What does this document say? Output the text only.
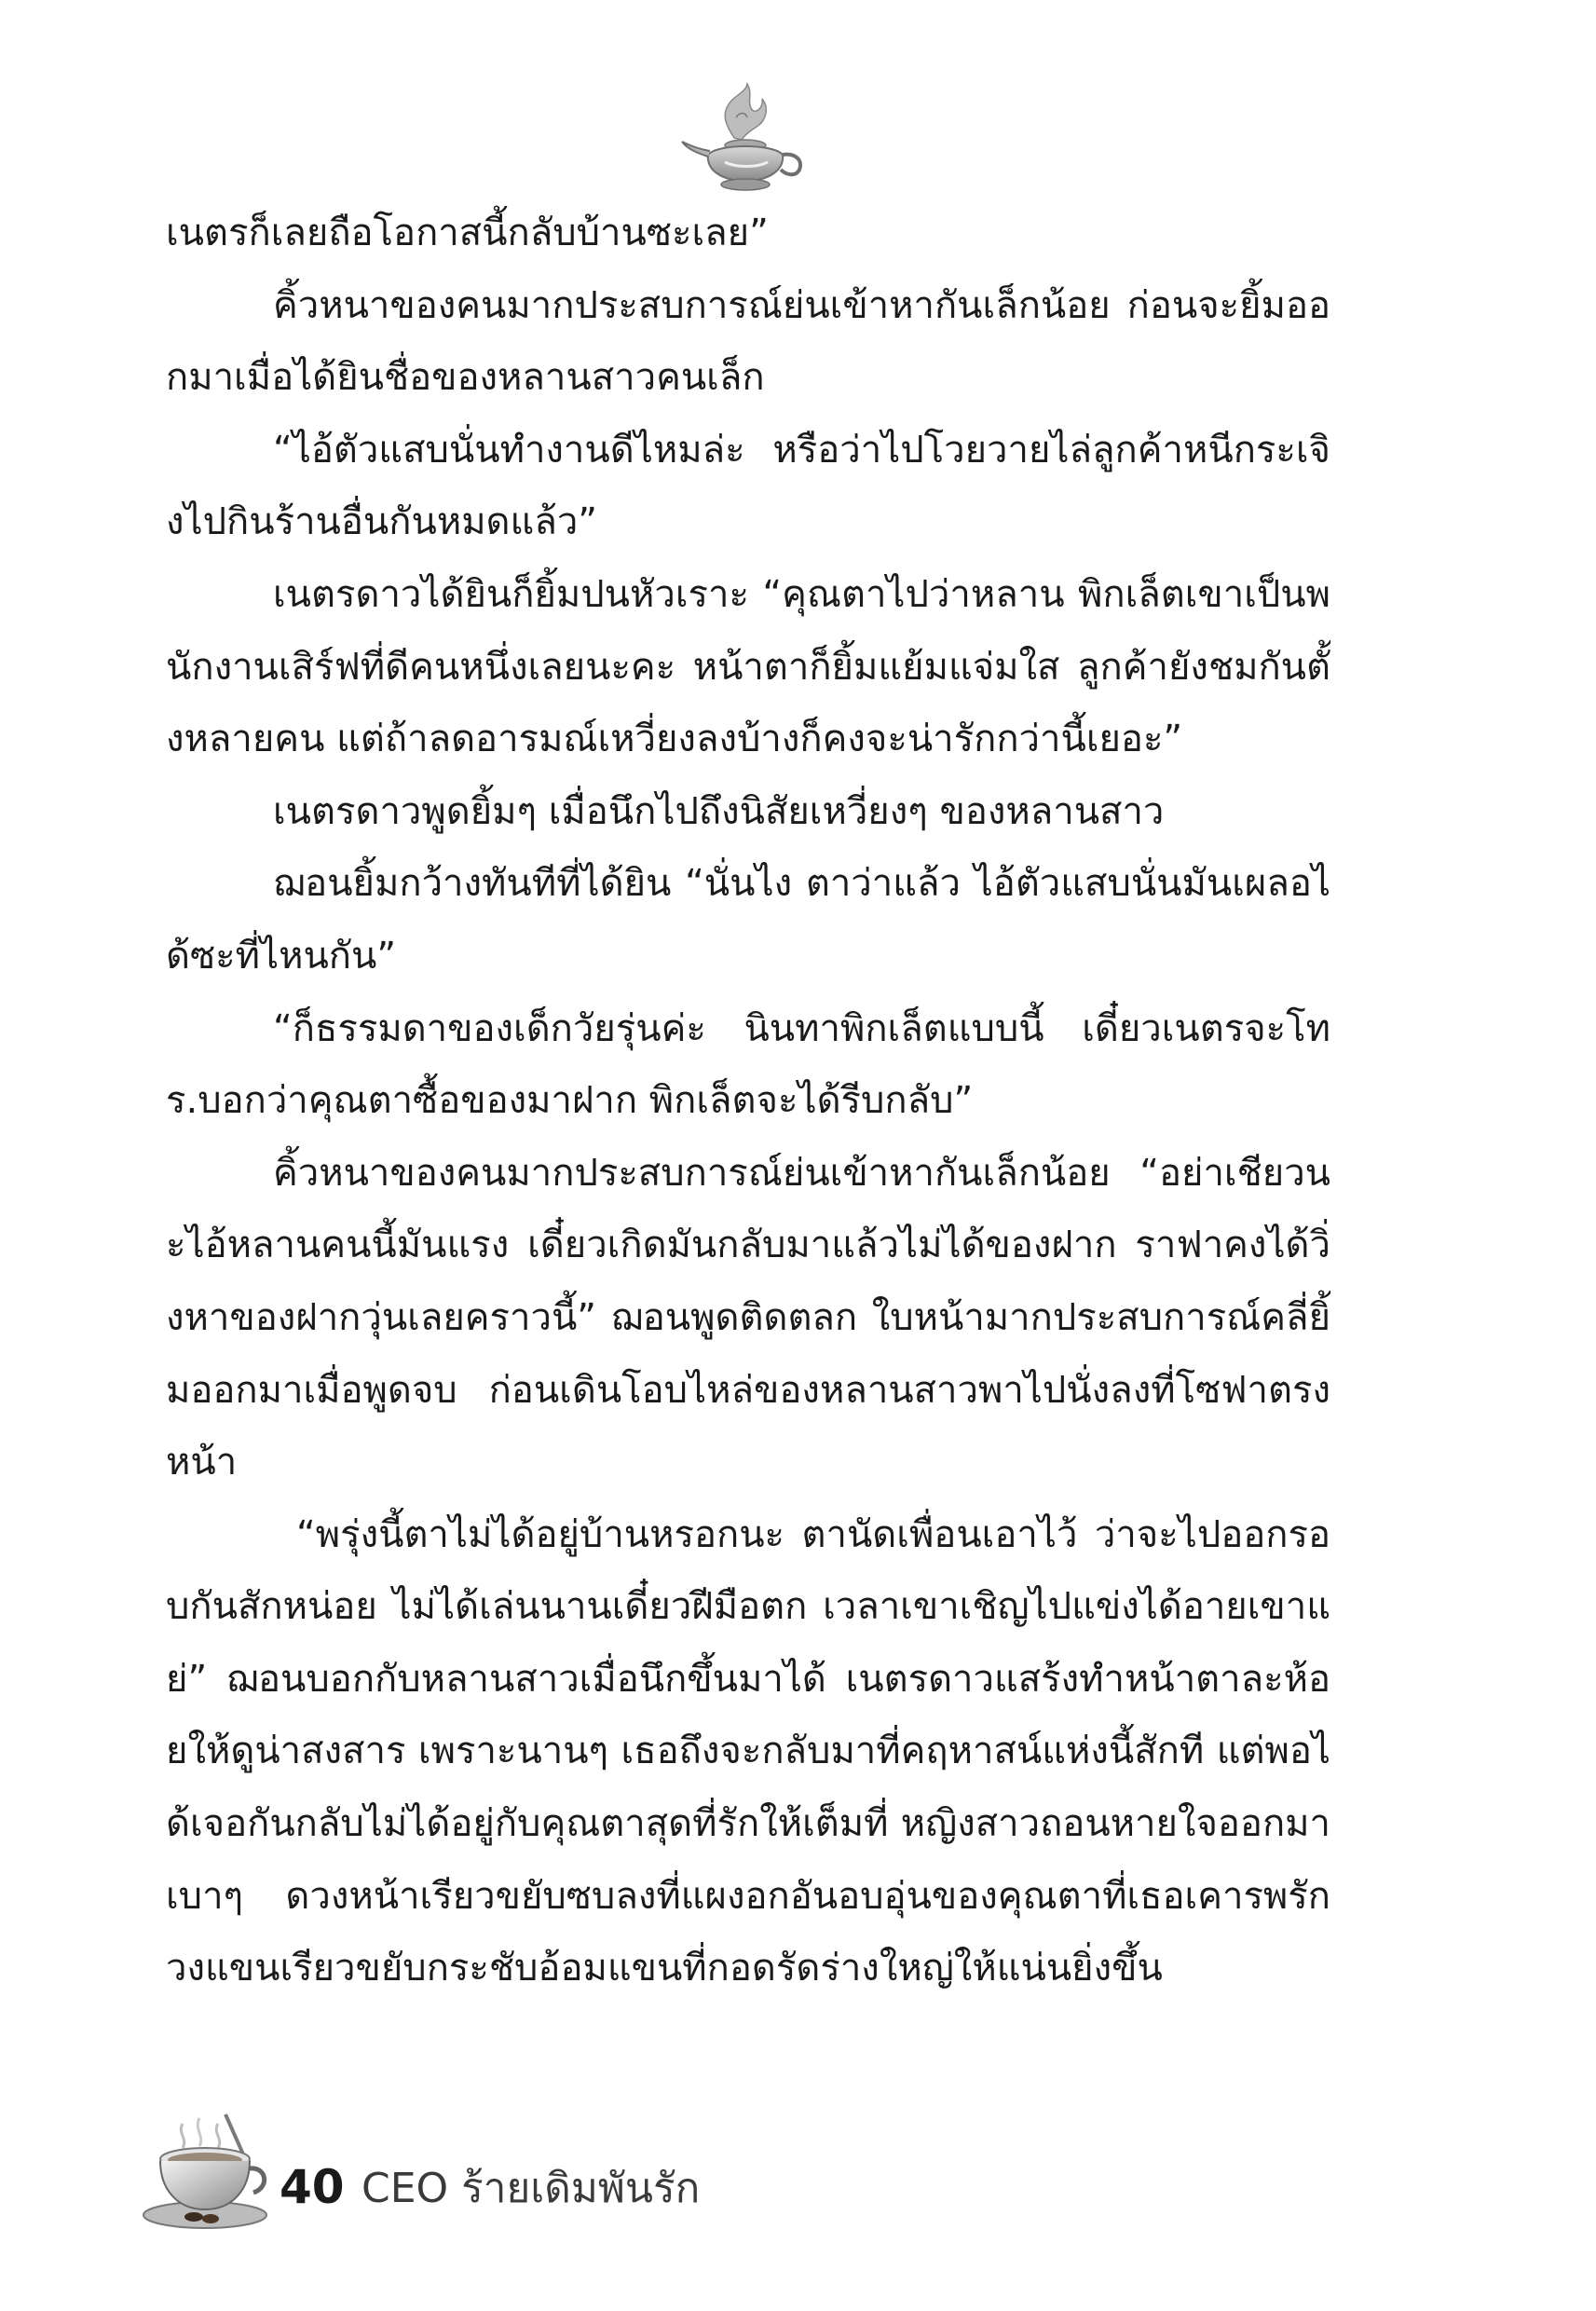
เนตรก็เลยถือโอกาสนี้กลับบ้านซะเลย”

คิ้วหนาของคนมากประสบการณ์ย่นเข้าหากันเล็กน้อย ก่อนจะยิ้มออกมาเมื่อได้ยินชื่อของหลานสาวคนเล็ก

“ไอ้ตัวแสบนั่นทำงานดีไหมล่ะ หรือว่าไปโวยวายไล่ลูกค้าหนีกระเจิงไปกินร้านอื่นกันหมดแล้ว”

เนตรดาวได้ยินก็ยิ้มปนหัวเราะ “คุณตาไปว่าหลาน พิกเล็ตเขาเป็นพนักงานเสิร์ฟที่ดีคนหนึ่งเลยนะคะ หน้าตาก็ยิ้มแย้มแจ่มใส ลูกค้ายังชมกันตั้งหลายคน แต่ถ้าลดอารมณ์เหวี่ยงลงบ้างก็คงจะน่ารักกว่านี้เยอะ”

เนตรดาวพูดยิ้มๆ เมื่อนึกไปถึงนิสัยเหวี่ยงๆ ของหลานสาว

ฌอนยิ้มกว้างทันทีที่ได้ยิน “นั่นไง ตาว่าแล้ว ไอ้ตัวแสบนั่นมันเผลอได้ซะที่ไหนกัน”

“ก็ธรรมดาของเด็กวัยรุ่นค่ะ นินทาพิกเล็ตแบบนี้ เดี๋ยวเนตรจะโทร.บอกว่าคุณตาซื้อของมาฝาก พิกเล็ตจะได้รีบกลับ”

คิ้วหนาของคนมากประสบการณ์ย่นเข้าหากันเล็กน้อย “อย่าเชียวนะไอ้หลานคนนี้มันแรง เดี๋ยวเกิดมันกลับมาแล้วไม่ได้ของฝาก ราฟาคงได้วิ่งหาของฝากวุ่นเลยคราวนี้” ฌอนพูดติดตลก ใบหน้ามากประสบการณ์คลี่ยิ้มออกมาเมื่อพูดจบ ก่อนเดินโอบไหล่ของหลานสาวพาไปนั่งลงที่โซฟาตรงหน้า

“พรุ่งนี้ตาไม่ได้อยู่บ้านหรอกนะ ตานัดเพื่อนเอาไว้ ว่าจะไปออกรอบกันสักหน่อย ไม่ได้เล่นนานเดี๋ยวฝีมือตก เวลาเขาเชิญไปแข่งได้อายเขาแย่” ฌอนบอกกับหลานสาวเมื่อนึกขึ้นมาได้ เนตรดาวแสร้งทำหน้าตาละห้อยให้ดูน่าสงสาร เพราะนานๆ เธอถึงจะกลับมาที่คฤหาสน์แห่งนี้สักที แต่พอได้เจอกันกลับไม่ได้อยู่กับคุณตาสุดที่รักให้เต็มที่ หญิงสาวถอนหายใจออกมาเบาๆ ดวงหน้าเรียวขยับซบลงที่แผงอกอันอบอุ่นของคุณตาที่เธอเคารพรัก วงแขนเรียวขยับกระชับอ้อมแขนที่กอดรัดร่างใหญ่ให้แน่นยิ่งขึ้น

40 CEO ร้ายเดิมพันรัก
